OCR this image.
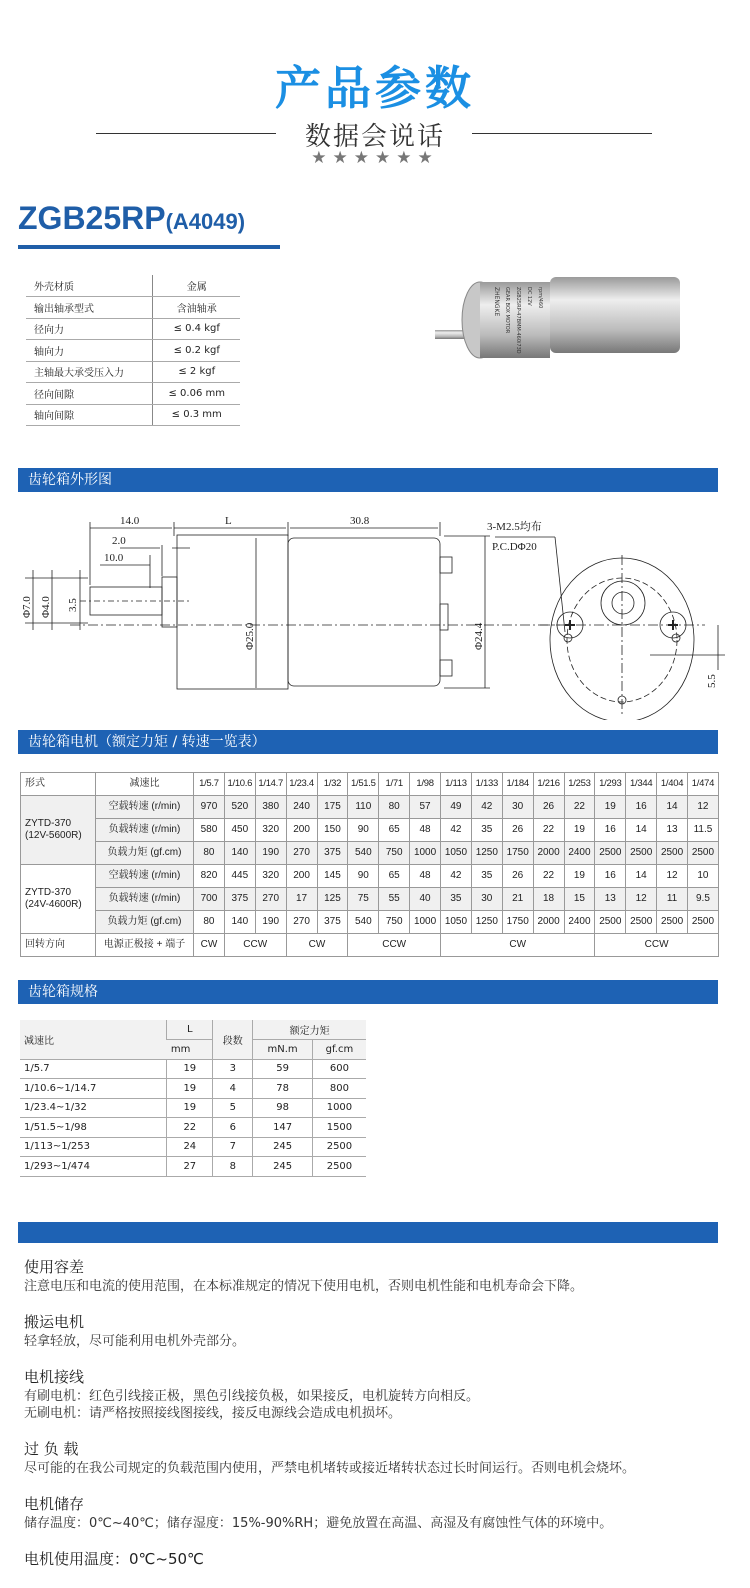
产品参数
数据会说话
★★★★★★
ZGB25RP(A4049)
外壳材质	金属
输出轴承型式	含油轴承
径向力	≤ 0.4 kgf
轴向力	≤ 0.2 kgf
主轴最大承受压入力	≤ 2 kgf
径向间隙	≤ 0.06 mm
轴向间隙	≤ 0.3 mm
ZHENGKE GEAR BOX MOTOR ZGB25RP-47BMM-460i73D DC 12V rpm/460
齿轮箱外形图
14.0	L	30.8
2.0
10.0
Φ7.0 Φ4.0 3.5
Φ25.0	Φ24.4
3-M2.5均布
P.C.DΦ20
5.5
齿轮箱电机（额定力矩 / 转速一览表）
形式	减速比	1/5.7	1/10.6	1/14.7	1/23.4	1/32	1/51.5	1/71	1/98	1/113	1/133	1/184	1/216	1/253	1/293	1/344	1/404	1/474

ZYTD-370
(12V-5600R)	空载转速 (r/min)	970	520	380	240	175	110	80	57	49	42	30	26	22	19	16	14	12
	负载转速 (r/min)	580	450	320	200	150	90	65	48	42	35	26	22	19	16	14	13	11.5
	负载力矩 (gf.cm)	80	140	190	270	375	540	750	1000	1050	1250	1750	2000	2400	2500	2500	2500	2500

ZYTD-370
(24V-4600R)	空载转速 (r/min)	820	445	320	200	145	90	65	48	42	35	26	22	19	16	14	12	10
	负载转速 (r/min)	700	375	270	17	125	75	55	40	35	30	21	18	15	13	12	11	9.5
	负载力矩 (gf.cm)	80	140	190	270	375	540	750	1000	1050	1250	1750	2000	2400	2500	2500	2500	2500
回转方向	电源正极接 + 端子	CW	CCW		CW		CCW			CW					CCW			
齿轮箱规格
减速比	L	段数	额定力矩	
	mm		mN.m	gf.cm
1/5.7	19	3	59	600
1/10.6~1/14.7	19	4	78	800
1/23.4~1/32	19	5	98	1000
1/51.5~1/98	22	6	147	1500
1/113~1/253	24	7	245	2500
1/293~1/474	27	8	245	2500
使用容差
注意电压和电流的使用范围，在本标准规定的情况下使用电机，否则电机性能和电机寿命会下降。
搬运电机
轻拿轻放，尽可能利用电机外壳部分。
电机接线
有刷电机：红色引线接正极，黑色引线接负极，如果接反，电机旋转方向相反。
无刷电机：请严格按照接线图接线，接反电源线会造成电机损坏。
过 负 载
尽可能的在我公司规定的负载范围内使用，严禁电机堵转或接近堵转状态过长时间运行。否则电机会烧坏。
电机储存
储存温度：0℃~40℃；储存湿度：15%-90%RH；避免放置在高温、高湿及有腐蚀性气体的环境中。
电机使用温度：0℃~50℃
